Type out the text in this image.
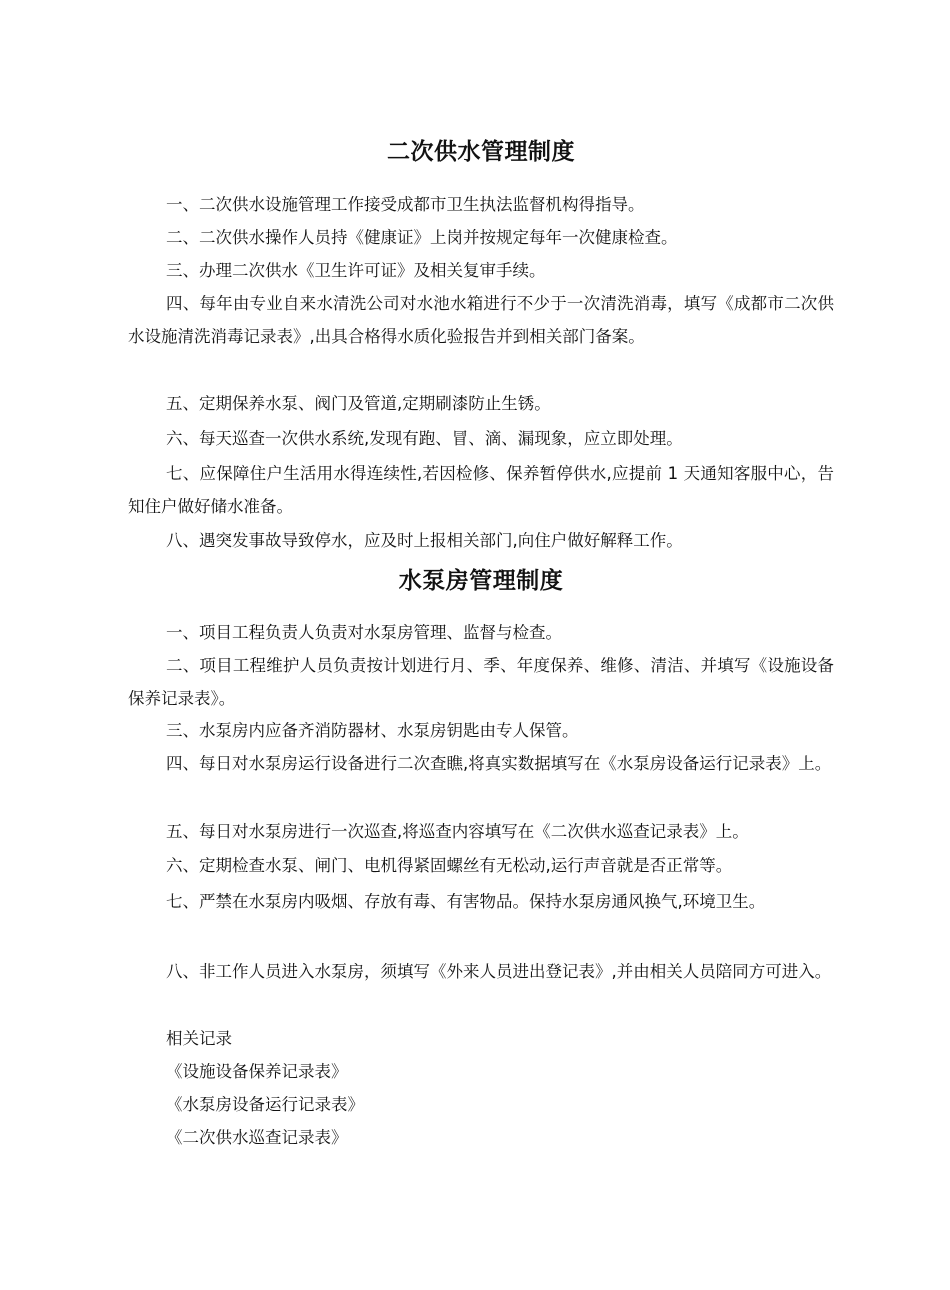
二次供水管理制度

一、二次供水设施管理工作接受成都市卫生执法监督机构得指导。

二、二次供水操作人员持《健康证》上岗并按规定每年一次健康检查。

三、办理二次供水《卫生许可证》及相关复审手续。

四、每年由专业自来水清洗公司对水池水箱进行不少于一次清洗消毒，填写《成都市二次供水设施清洗消毒记录表》,出具合格得水质化验报告并到相关部门备案。

五、定期保养水泵、阀门及管道,定期刷漆防止生锈。

六、每天巡查一次供水系统,发现有跑、冒、滴、漏现象，应立即处理。

七、应保障住户生活用水得连续性,若因检修、保养暂停供水,应提前 1 天通知客服中心，告知住户做好储水准备。

八、遇突发事故导致停水，应及时上报相关部门,向住户做好解释工作。

水泵房管理制度

一、项目工程负责人负责对水泵房管理、监督与检查。

二、项目工程维护人员负责按计划进行月、季、年度保养、维修、清洁、并填写《设施设备保养记录表》。

三、水泵房内应备齐消防器材、水泵房钥匙由专人保管。

四、每日对水泵房运行设备进行二次查瞧,将真实数据填写在《水泵房设备运行记录表》上。

五、每日对水泵房进行一次巡查,将巡查内容填写在《二次供水巡查记录表》上。

六、定期检查水泵、闸门、电机得紧固螺丝有无松动,运行声音就是否正常等。

七、严禁在水泵房内吸烟、存放有毒、有害物品。保持水泵房通风换气,环境卫生。

八、非工作人员进入水泵房，须填写《外来人员进出登记表》,并由相关人员陪同方可进入。

相关记录

《设施设备保养记录表》

《水泵房设备运行记录表》

《二次供水巡查记录表》
